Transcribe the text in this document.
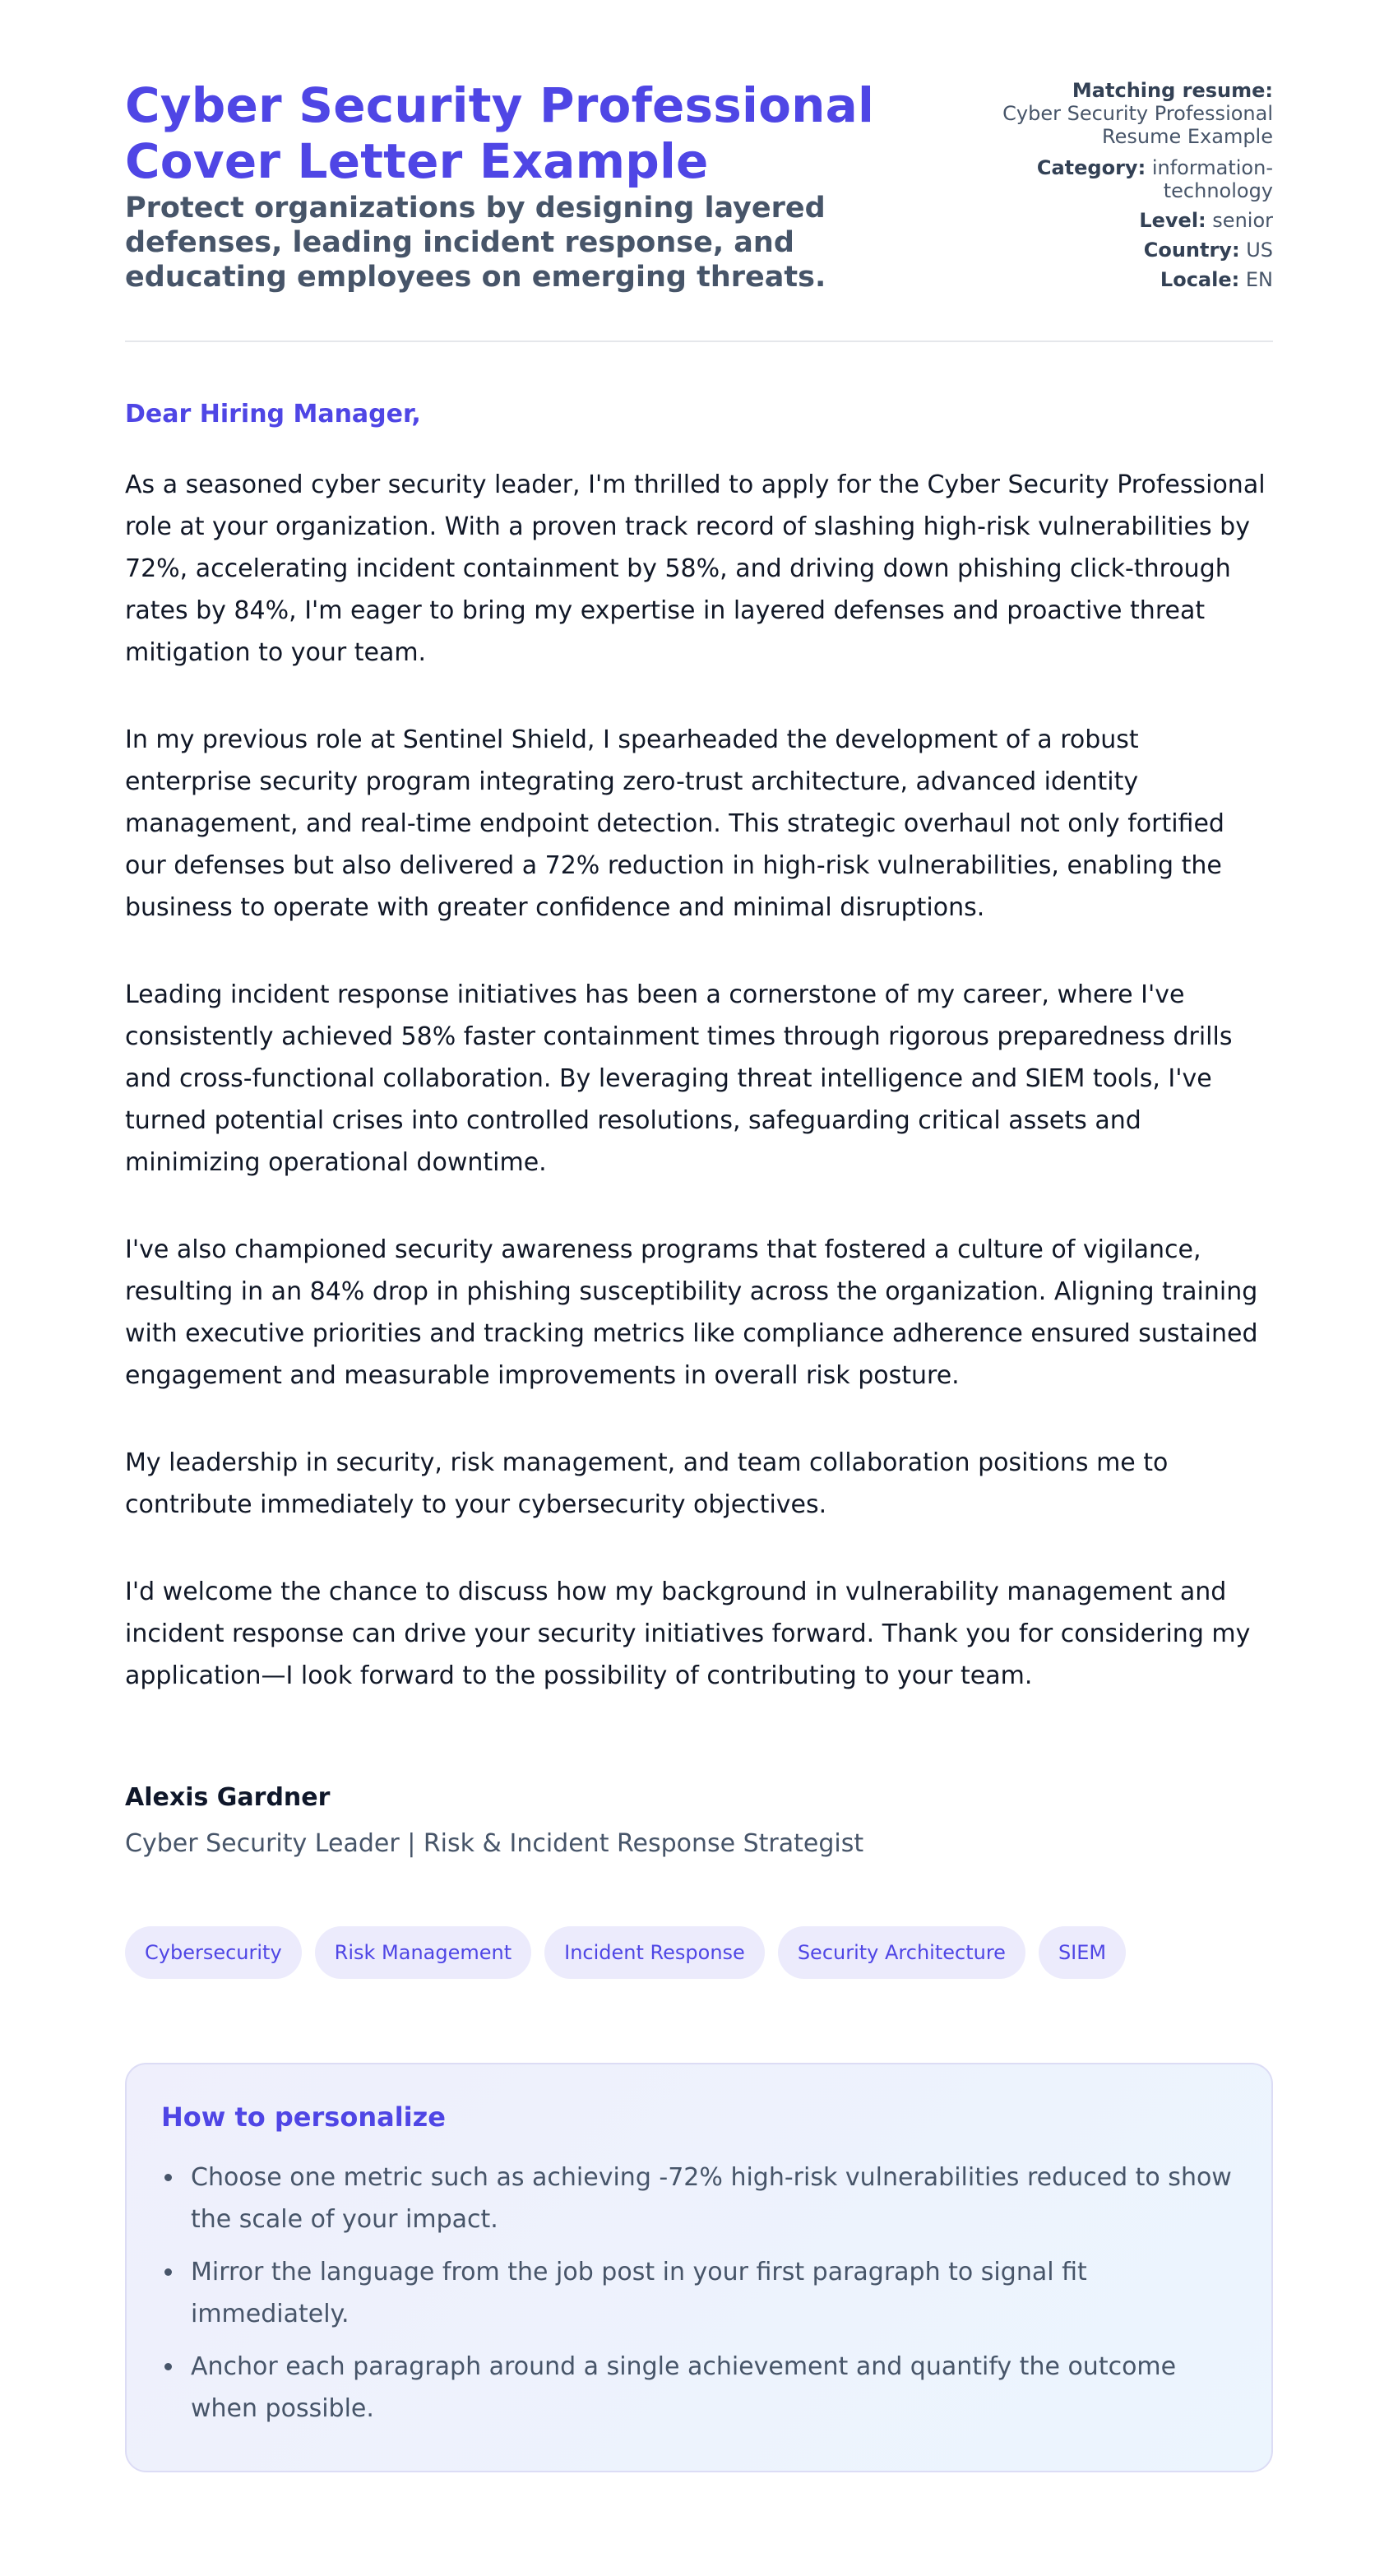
Cyber Security Professional Cover Letter Example
Protect organizations by designing layered defenses, leading incident response, and educating employees on emerging threats.
Matching resume:
Cyber Security Professional Resume Example
Category: information-technology
Level: senior
Country: US
Locale: EN

Dear Hiring Manager,

As a seasoned cyber security leader, I'm thrilled to apply for the Cyber Security Professional role at your organization. With a proven track record of slashing high-risk vulnerabilities by 72%, accelerating incident containment by 58%, and driving down phishing click-through rates by 84%, I'm eager to bring my expertise in layered defenses and proactive threat mitigation to your team.

In my previous role at Sentinel Shield, I spearheaded the development of a robust enterprise security program integrating zero-trust architecture, advanced identity management, and real-time endpoint detection. This strategic overhaul not only fortified our defenses but also delivered a 72% reduction in high-risk vulnerabilities, enabling the business to operate with greater confidence and minimal disruptions.

Leading incident response initiatives has been a cornerstone of my career, where I've consistently achieved 58% faster containment times through rigorous preparedness drills and cross-functional collaboration. By leveraging threat intelligence and SIEM tools, I've turned potential crises into controlled resolutions, safeguarding critical assets and minimizing operational downtime.

I've also championed security awareness programs that fostered a culture of vigilance, resulting in an 84% drop in phishing susceptibility across the organization. Aligning training with executive priorities and tracking metrics like compliance adherence ensured sustained engagement and measurable improvements in overall risk posture.

My leadership in security, risk management, and team collaboration positions me to contribute immediately to your cybersecurity objectives.

I'd welcome the chance to discuss how my background in vulnerability management and incident response can drive your security initiatives forward. Thank you for considering my application—I look forward to the possibility of contributing to your team.

Alexis Gardner

Cyber Security Leader | Risk & Incident Response Strategist

Cybersecurity	Risk Management	Incident Response	Security Architecture	SIEM
How to personalize
Choose one metric such as achieving -72% high-risk vulnerabilities reduced to show the scale of your impact.
Mirror the language from the job post in your first paragraph to signal fit immediately.
Anchor each paragraph around a single achievement and quantify the outcome when possible.
